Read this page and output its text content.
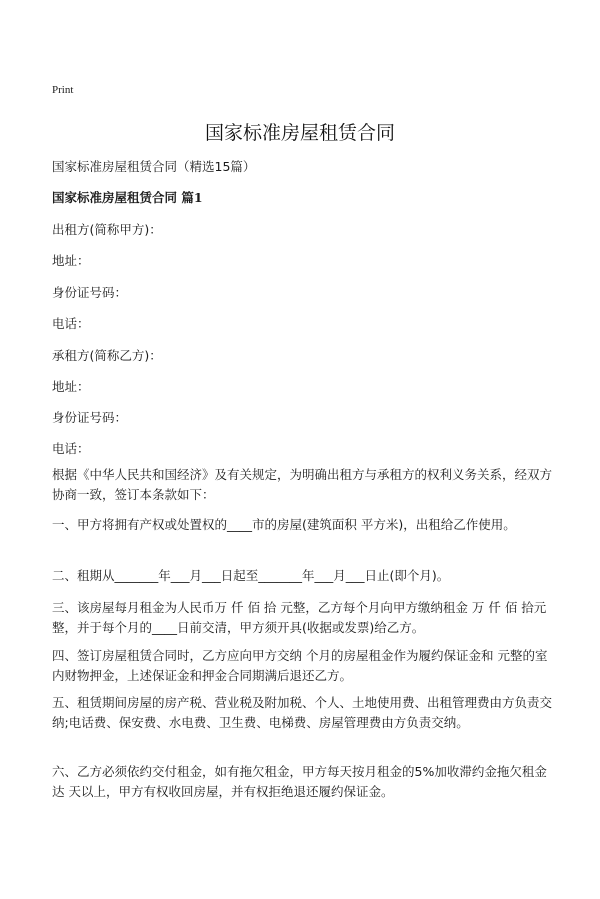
Print
国家标准房屋租赁合同
国家标准房屋租赁合同（精选15篇）
国家标准房屋租赁合同 篇1
出租方(简称甲方)：
地址：
身份证号码：
电话：
承租方(简称乙方)：
地址：
身份证号码：
电话：

根据《中华人民共和国经济》及有关规定，为明确出租方与承租方的权利义务关系，经双方协商一致，签订本条款如下：

一、甲方将拥有产权或处置权的____市的房屋(建筑面积 平方米)，出租给乙作使用。

二、租期从_______年___月___日起至_______年___月___日止(即个月)。

三、该房屋每月租金为人民币万 仟 佰 拾 元整，乙方每个月向甲方缴纳租金 万 仟 佰 拾元整，并于每个月的____日前交清，甲方须开具(收据或发票)给乙方。

四、签订房屋租赁合同时，乙方应向甲方交纳 个月的房屋租金作为履约保证金和 元整的室内财物押金，上述保证金和押金合同期满后退还乙方。

五、租赁期间房屋的房产税、营业税及附加税、个人、土地使用费、出租管理费由方负责交纳;电话费、保安费、水电费、卫生费、电梯费、房屋管理费由方负责交纳。

六、乙方必须依约交付租金，如有拖欠租金，甲方每天按月租金的5%加收滞约金拖欠租金达 天以上，甲方有权收回房屋，并有权拒绝退还履约保证金。
